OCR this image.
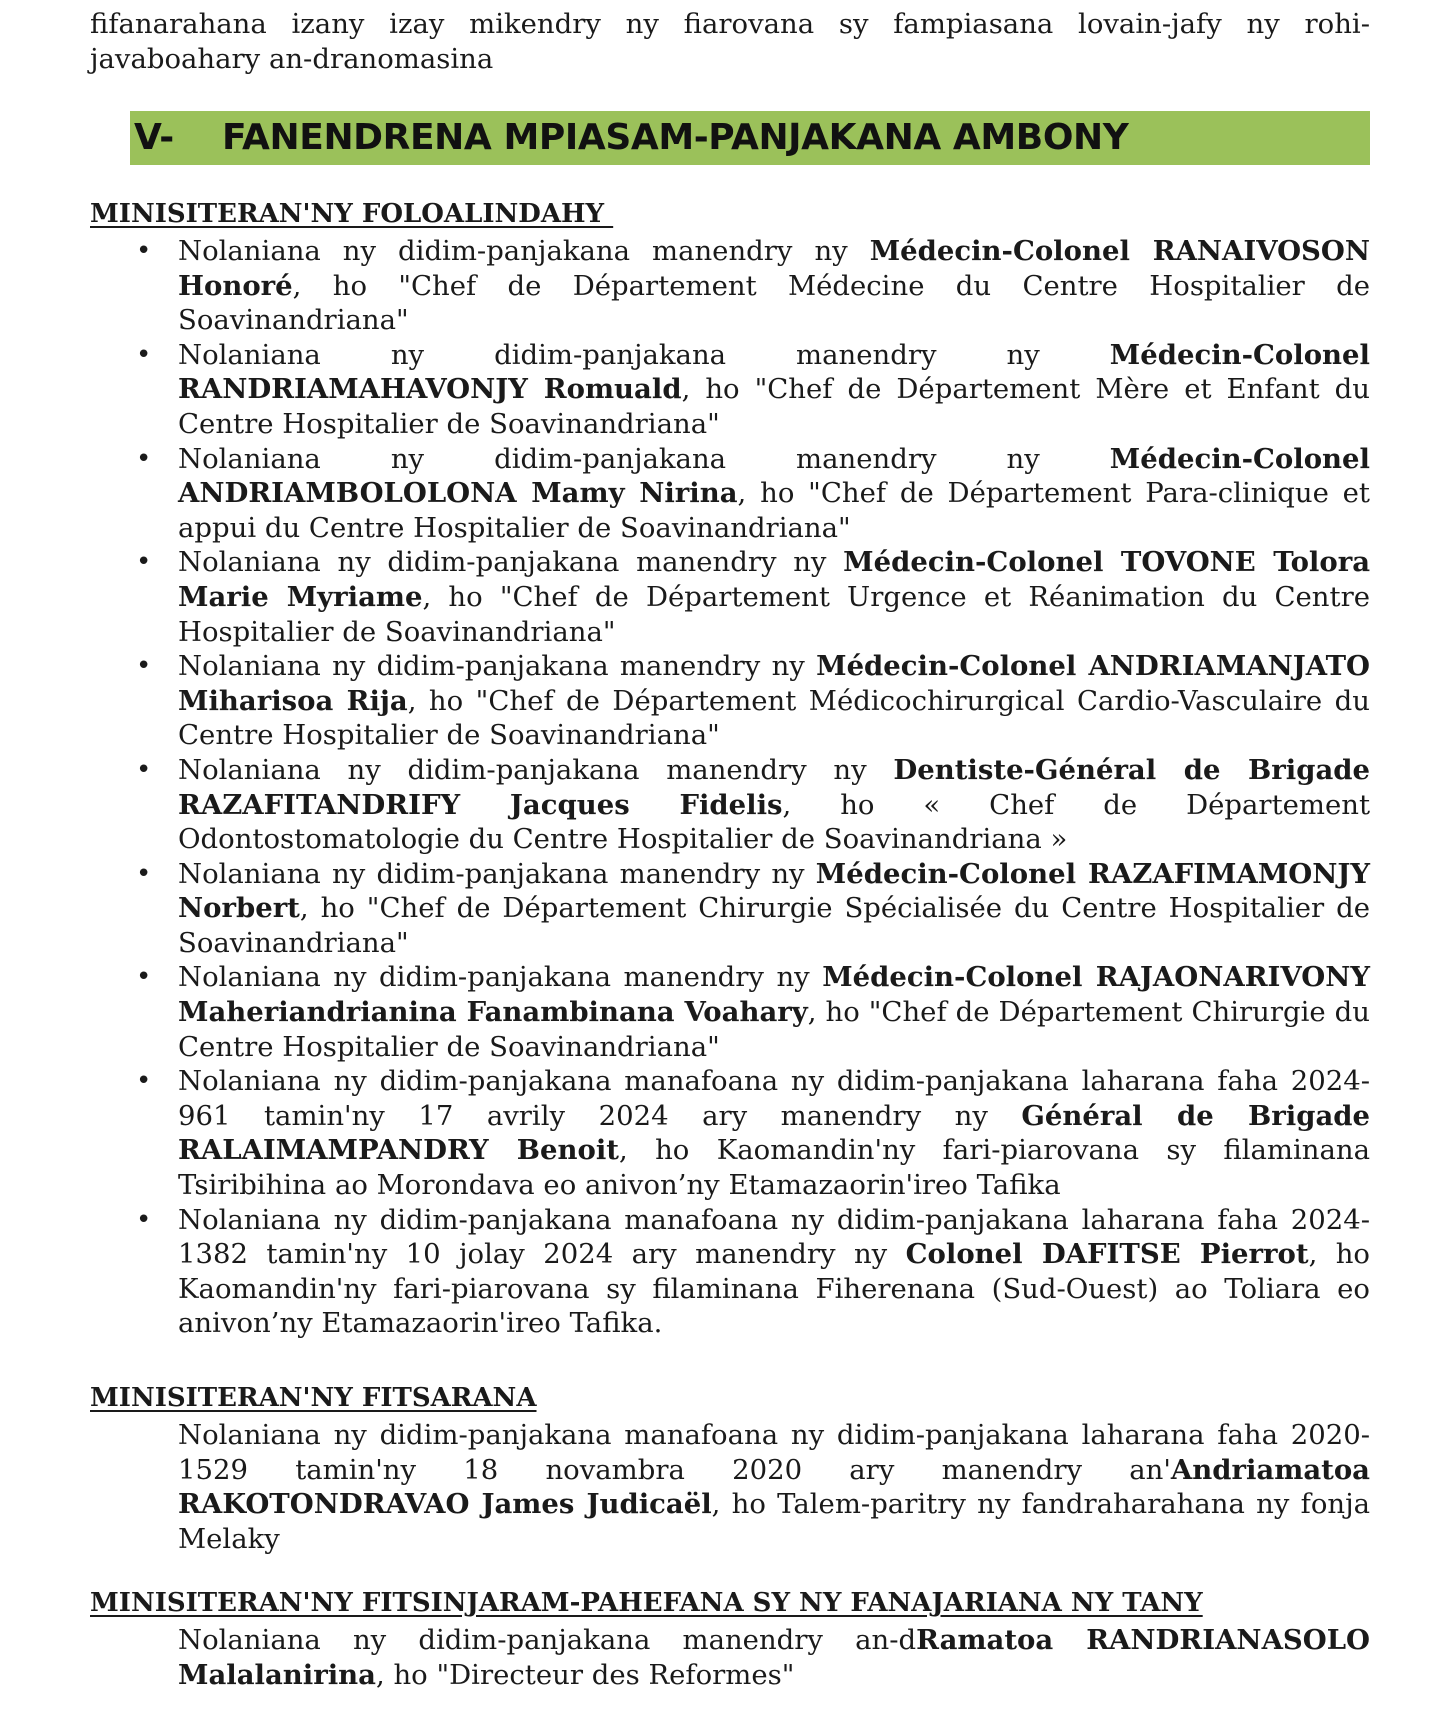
fifanarahana izany izay mikendry ny fiarovana sy fampiasana lovain-jafy ny rohi-javaboahary an-dranomasina

V- FANENDRENA MPIASAM-PANJAKANA AMBONY

MINISITERAN'NY FOLOALINDAHY

• Nolaniana ny didim-panjakana manendry ny Médecin-Colonel RANAIVOSON Honoré, ho "Chef de Département Médecine du Centre Hospitalier de Soavinandriana"
• Nolaniana ny didim-panjakana manendry ny Médecin-Colonel RANDRIAMAHAVONJY Romuald, ho "Chef de Département Mère et Enfant du Centre Hospitalier de Soavinandriana"
• Nolaniana ny didim-panjakana manendry ny Médecin-Colonel ANDRIAMBOLOLONA Mamy Nirina, ho "Chef de Département Para-clinique et appui du Centre Hospitalier de Soavinandriana"
• Nolaniana ny didim-panjakana manendry ny Médecin-Colonel TOVONE Tolora Marie Myriame, ho "Chef de Département Urgence et Réanimation du Centre Hospitalier de Soavinandriana"
• Nolaniana ny didim-panjakana manendry ny Médecin-Colonel ANDRIAMANJATO Miharisoa Rija, ho "Chef de Département Médicochirurgical Cardio-Vasculaire du Centre Hospitalier de Soavinandriana"
• Nolaniana ny didim-panjakana manendry ny Dentiste-Général de Brigade RAZAFITANDRIFY Jacques Fidelis, ho « Chef de Département Odontostomatologie du Centre Hospitalier de Soavinandriana »
• Nolaniana ny didim-panjakana manendry ny Médecin-Colonel RAZAFIMAMONJY Norbert, ho "Chef de Département Chirurgie Spécialisée du Centre Hospitalier de Soavinandriana"
• Nolaniana ny didim-panjakana manendry ny Médecin-Colonel RAJAONARIVONY Maheriandrianina Fanambinana Voahary, ho "Chef de Département Chirurgie du Centre Hospitalier de Soavinandriana"
• Nolaniana ny didim-panjakana manafoana ny didim-panjakana laharana faha 2024-961 tamin'ny 17 avrily 2024 ary manendry ny Général de Brigade RALAIMAMPANDRY Benoit, ho Kaomandin'ny fari-piarovana sy filaminana Tsiribihina ao Morondava eo anivon’ny Etamazaorin'ireo Tafika
• Nolaniana ny didim-panjakana manafoana ny didim-panjakana laharana faha 2024-1382 tamin'ny 10 jolay 2024 ary manendry ny Colonel DAFITSE Pierrot, ho Kaomandin'ny fari-piarovana sy filaminana Fiherenana (Sud-Ouest) ao Toliara eo anivon’ny Etamazaorin'ireo Tafika.

MINISITERAN'NY FITSARANA

Nolaniana ny didim-panjakana manafoana ny didim-panjakana laharana faha 2020-1529 tamin'ny 18 novambra 2020 ary manendry an'Andriamatoa RAKOTONDRAVAO James Judicaël, ho Talem-paritry ny fandraharahana ny fonja Melaky

MINISITERAN'NY FITSINJARAM-PAHEFANA SY NY FANAJARIANA NY TANY

Nolaniana ny didim-panjakana manendry an-dRamatoa RANDRIANASOLO Malalanirina, ho "Directeur des Reformes"
